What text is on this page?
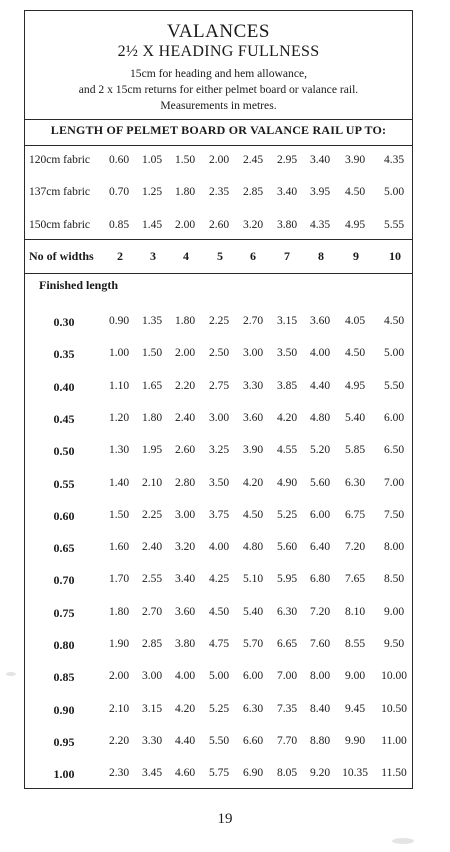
VALANCES
2½ X HEADING FULLNESS
15cm for heading and hem allowance,
and 2 x 15cm returns for either pelmet board or valance rail.
Measurements in metres.
LENGTH OF PELMET BOARD OR VALANCE RAIL UP TO:
120cm fabric	0.60	1.05	1.50	2.00	2.45	2.95	3.40	3.90	4.35
137cm fabric	0.70	1.25	1.80	2.35	2.85	3.40	3.95	4.50	5.00
150cm fabric	0.85	1.45	2.00	2.60	3.20	3.80	4.35	4.95	5.55
No of widths	2	3	4	5	6	7	8	9	10
Finished length
0.30	0.90	1.35	1.80	2.25	2.70	3.15	3.60	4.05	4.50
0.35	1.00	1.50	2.00	2.50	3.00	3.50	4.00	4.50	5.00
0.40	1.10	1.65	2.20	2.75	3.30	3.85	4.40	4.95	5.50
0.45	1.20	1.80	2.40	3.00	3.60	4.20	4.80	5.40	6.00
0.50	1.30	1.95	2.60	3.25	3.90	4.55	5.20	5.85	6.50
0.55	1.40	2.10	2.80	3.50	4.20	4.90	5.60	6.30	7.00
0.60	1.50	2.25	3.00	3.75	4.50	5.25	6.00	6.75	7.50
0.65	1.60	2.40	3.20	4.00	4.80	5.60	6.40	7.20	8.00
0.70	1.70	2.55	3.40	4.25	5.10	5.95	6.80	7.65	8.50
0.75	1.80	2.70	3.60	4.50	5.40	6.30	7.20	8.10	9.00
0.80	1.90	2.85	3.80	4.75	5.70	6.65	7.60	8.55	9.50
0.85	2.00	3.00	4.00	5.00	6.00	7.00	8.00	9.00	10.00
0.90	2.10	3.15	4.20	5.25	6.30	7.35	8.40	9.45	10.50
0.95	2.20	3.30	4.40	5.50	6.60	7.70	8.80	9.90	11.00
1.00	2.30	3.45	4.60	5.75	6.90	8.05	9.20	10.35	11.50
19
